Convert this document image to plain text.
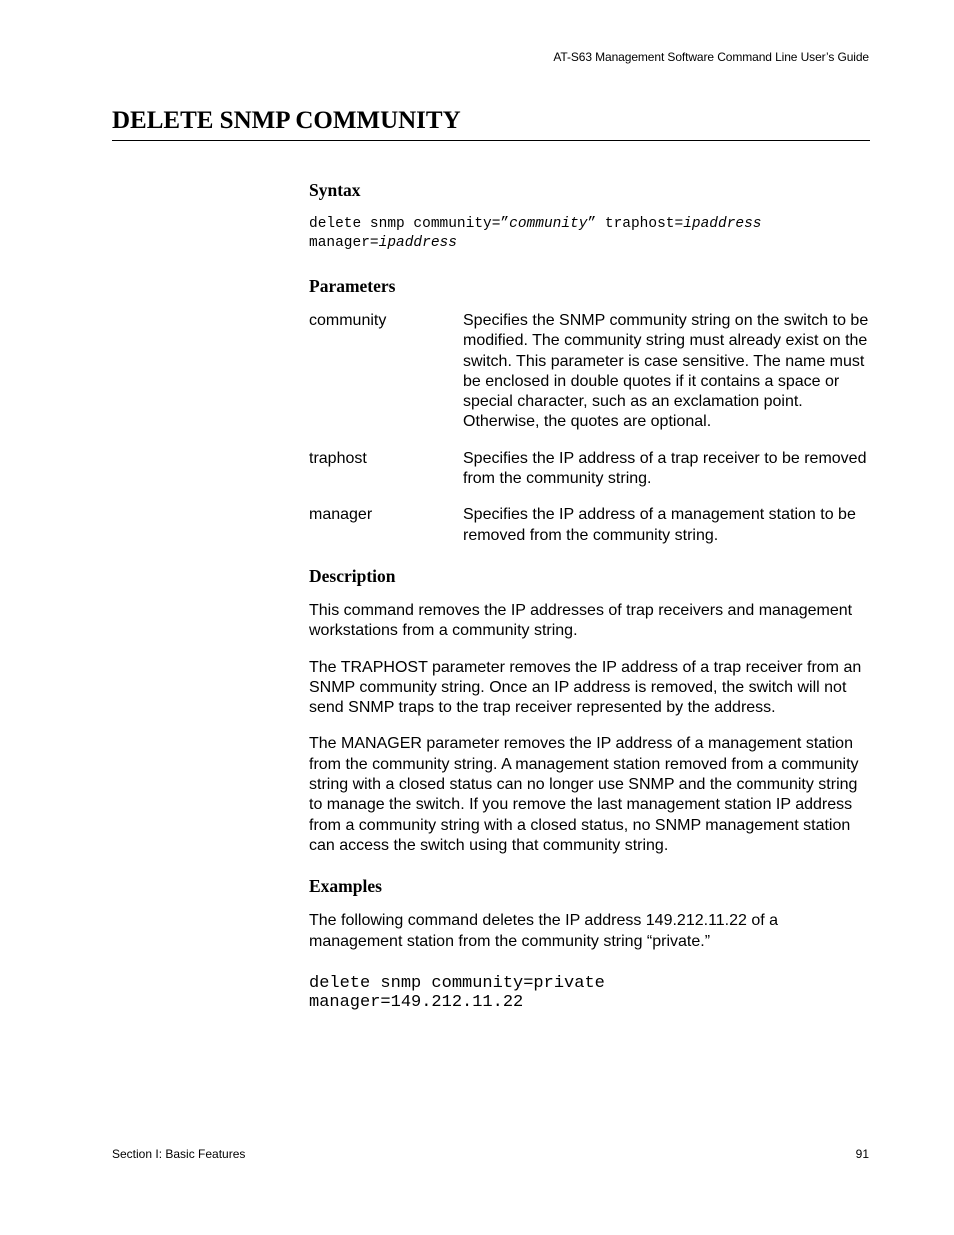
AT-S63 Management Software Command Line User’s Guide
DELETE SNMP COMMUNITY
Syntax
delete snmp community=”community” traphost=ipaddress
manager=ipaddress
Parameters
community	Specifies the SNMP community string on the switch to be modified. The community string must already exist on the switch. This parameter is case sensitive. The name must be enclosed in double quotes if it contains a space or special character, such as an exclamation point. Otherwise, the quotes are optional.
traphost	Specifies the IP address of a trap receiver to be removed from the community string.
manager	Specifies the IP address of a management station to be removed from the community string.
Description

This command removes the IP addresses of trap receivers and management workstations from a community string.

The TRAPHOST parameter removes the IP address of a trap receiver from an SNMP community string. Once an IP address is removed, the switch will not send SNMP traps to the trap receiver represented by the address.

The MANAGER parameter removes the IP address of a management station from the community string. A management station removed from a community string with a closed status can no longer use SNMP and the community string to manage the switch. If you remove the last management station IP address from a community string with a closed status, no SNMP management station can access the switch using that community string.

Examples

The following command deletes the IP address 149.212.11.22 of a management station from the community string “private.”

delete snmp community=private
manager=149.212.11.22
Section I: Basic Features	91
